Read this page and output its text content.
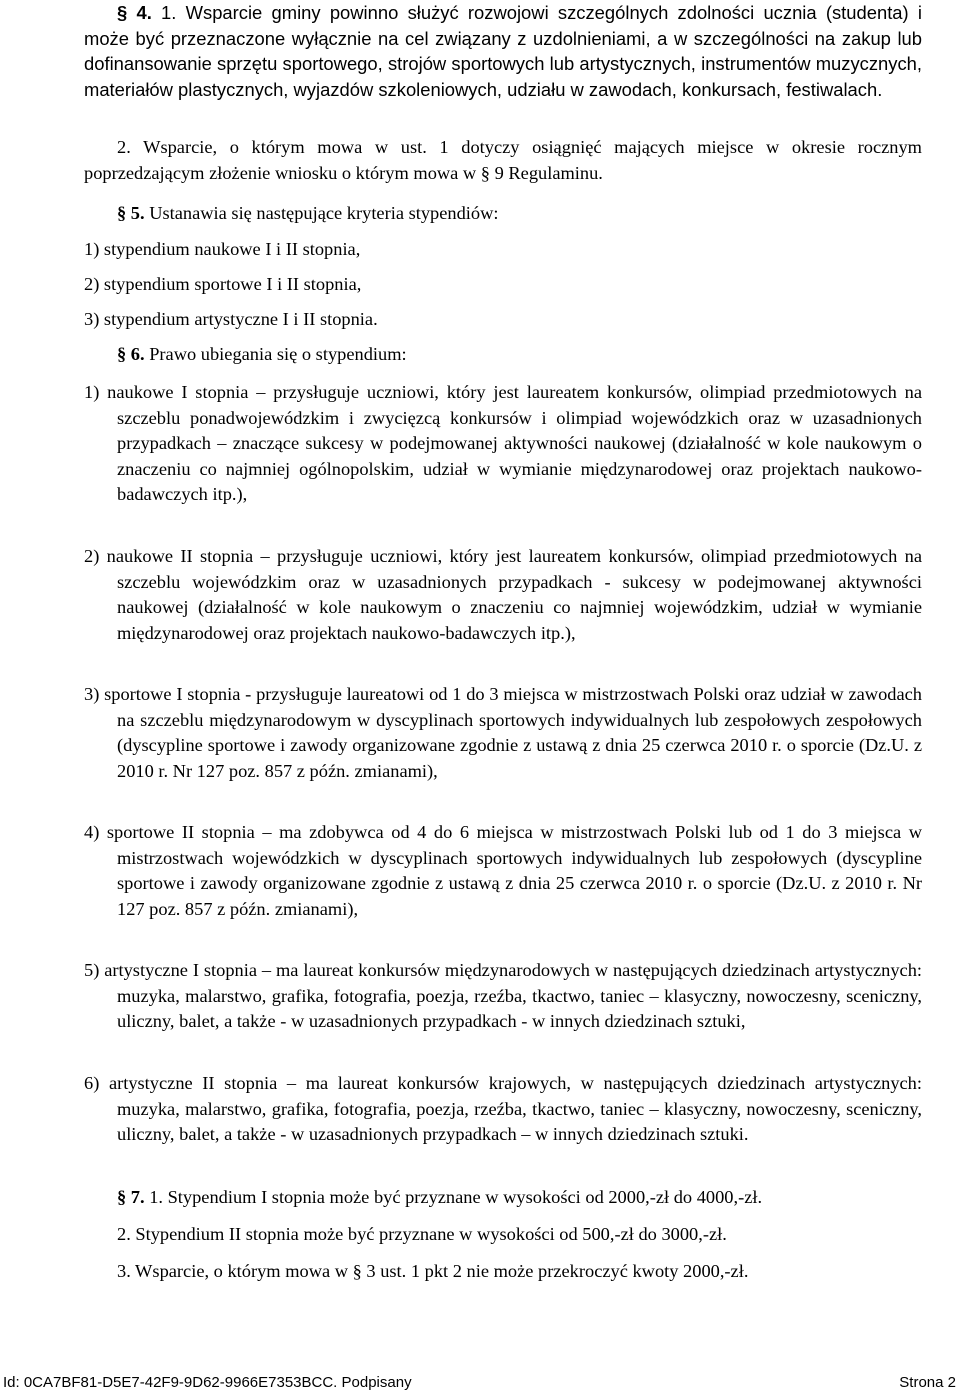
§ 4. 1. Wsparcie gminy powinno służyć rozwojowi szczególnych zdolności ucznia (studenta) i może być przeznaczone wyłącznie na cel związany z uzdolnieniami, a w szczególności na zakup lub dofinansowanie sprzętu sportowego, strojów sportowych lub artystycznych, instrumentów muzycznych, materiałów plastycznych, wyjazdów szkoleniowych, udziału w zawodach, konkursach, festiwalach.

2. Wsparcie, o którym mowa w ust. 1 dotyczy osiągnięć mających miejsce w okresie rocznym poprzedzającym złożenie wniosku o którym mowa w § 9 Regulaminu.

§ 5. Ustanawia się następujące kryteria stypendiów:

1) stypendium naukowe I i II stopnia,

2) stypendium sportowe I i II stopnia,

3) stypendium artystyczne I i II stopnia.

§ 6. Prawo ubiegania się o stypendium:

1) naukowe I stopnia – przysługuje uczniowi, który jest laureatem konkursów, olimpiad przedmiotowych na szczeblu ponadwojewódzkim i zwycięzcą konkursów i olimpiad wojewódzkich oraz w uzasadnionych przypadkach – znaczące sukcesy w podejmowanej aktywności naukowej (działalność w kole naukowym o znaczeniu co najmniej ogólnopolskim, udział w wymianie międzynarodowej oraz projektach naukowo-badawczych itp.),

2) naukowe II stopnia – przysługuje uczniowi, który jest laureatem konkursów, olimpiad przedmiotowych na szczeblu wojewódzkim oraz w uzasadnionych przypadkach - sukcesy w podejmowanej aktywności naukowej (działalność w kole naukowym o znaczeniu co najmniej wojewódzkim, udział w wymianie międzynarodowej oraz projektach naukowo-badawczych itp.),

3) sportowe I stopnia - przysługuje laureatowi od 1 do 3 miejsca w mistrzostwach Polski oraz udział w zawodach na szczeblu międzynarodowym w dyscyplinach sportowych indywidualnych lub zespołowych zespołowych (dyscypline sportowe i zawody organizowane zgodnie z ustawą z dnia 25 czerwca 2010 r. o sporcie (Dz.U. z 2010 r. Nr 127 poz. 857 z późn. zmianami),

4) sportowe II stopnia – ma zdobywca od 4 do 6 miejsca w mistrzostwach Polski lub od 1 do 3 miejsca w mistrzostwach wojewódzkich w dyscyplinach sportowych indywidualnych lub zespołowych (dyscypline sportowe i zawody organizowane zgodnie z ustawą z dnia 25 czerwca 2010 r. o sporcie (Dz.U. z 2010 r. Nr 127 poz. 857 z późn. zmianami),

5) artystyczne I stopnia – ma laureat konkursów międzynarodowych w następujących dziedzinach artystycznych: muzyka, malarstwo, grafika, fotografia, poezja, rzeźba, tkactwo, taniec – klasyczny, nowoczesny, sceniczny, uliczny, balet, a także - w uzasadnionych przypadkach - w innych dziedzinach sztuki,

6) artystyczne II stopnia – ma laureat konkursów krajowych, w następujących dziedzinach artystycznych: muzyka, malarstwo, grafika, fotografia, poezja, rzeźba, tkactwo, taniec – klasyczny, nowoczesny, sceniczny, uliczny, balet, a także - w uzasadnionych przypadkach – w innych dziedzinach sztuki.

§ 7. 1. Stypendium I stopnia może być przyznane w wysokości od 2000,-zł do 4000,-zł.

2. Stypendium II stopnia może być przyznane w wysokości od 500,-zł do 3000,-zł.

3. Wsparcie, o którym mowa w § 3 ust. 1 pkt 2 nie może przekroczyć kwoty 2000,-zł.

Id: 0CA7BF81-D5E7-42F9-9D62-9966E7353BCC. Podpisany	Strona 2
